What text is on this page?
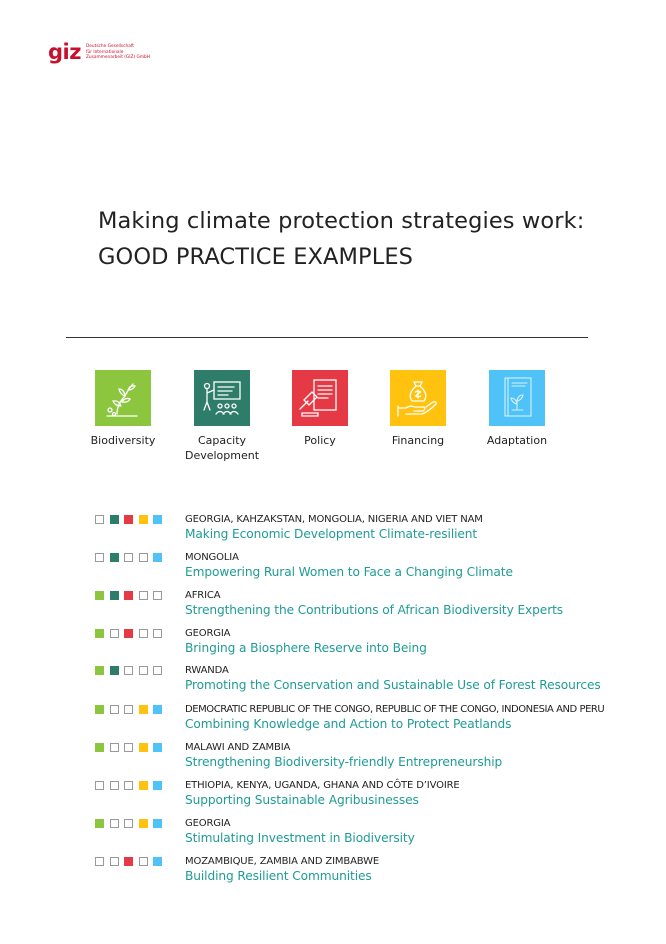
giz Deutsche Gesellschaft
für Internationale
Zusammenarbeit (GIZ) GmbH
Making climate protection strategies work:
GOOD PRACTICE EXAMPLES
Biodiversity	Capacity
Development
Policy	Financing	Adaptation
GEORGIA, KAHZAKSTAN, MONGOLIA, NIGERIA AND VIET NAM
Making Economic Development Climate-resilient
MONGOLIA
Empowering Rural Women to Face a Changing Climate
AFRICA
Strengthening the Contributions of African Biodiversity Experts
GEORGIA
Bringing a Biosphere Reserve into Being
RWANDA
Promoting the Conservation and Sustainable Use of Forest Resources
DEMOCRATIC REPUBLIC OF THE CONGO, REPUBLIC OF THE CONGO, INDONESIA AND PERU
Combining Knowledge and Action to Protect Peatlands
MALAWI AND ZAMBIA
Strengthening Biodiversity-friendly Entrepreneurship
ETHIOPIA, KENYA, UGANDA, GHANA AND CÔTE D’IVOIRE
Supporting Sustainable Agribusinesses
GEORGIA
Stimulating Investment in Biodiversity
MOZAMBIQUE, ZAMBIA AND ZIMBABWE
Building Resilient Communities
